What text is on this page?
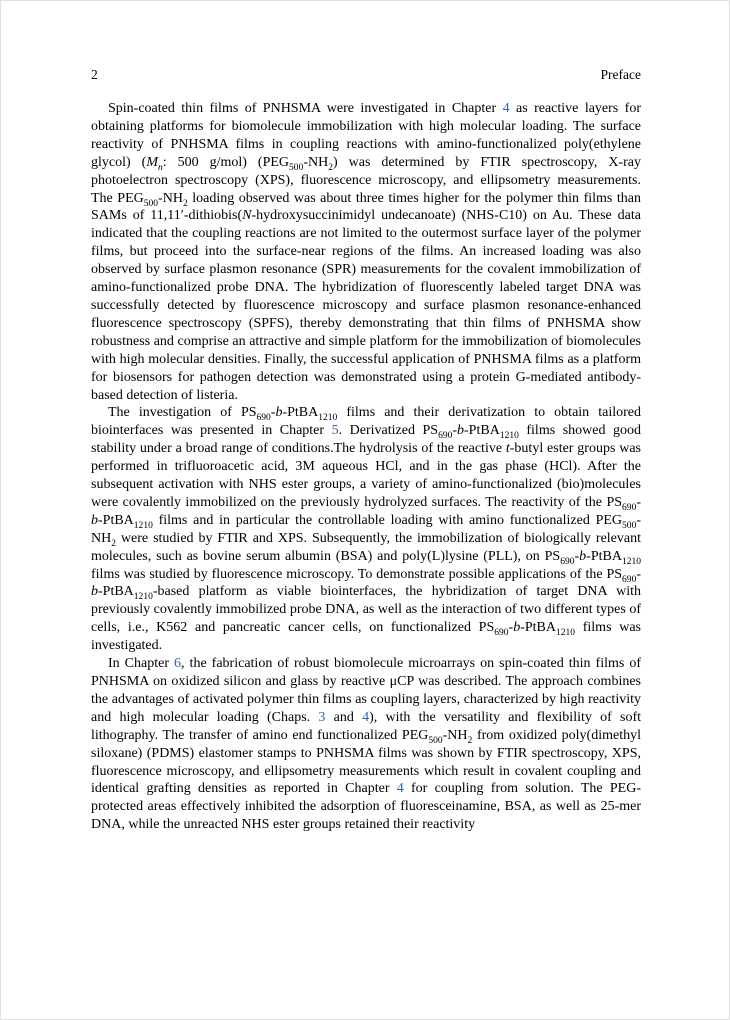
2	Preface

Spin-coated thin films of PNHSMA were investigated in Chapter 4 as reactive layers for obtaining platforms for biomolecule immobilization with high molecular loading. The surface reactivity of PNHSMA films in coupling reactions with amino-functionalized poly(ethylene glycol) ($M_n$: 500 g/mol) $(PEG_{500}-NH_2)$ was determined by FTIR spectroscopy, X-ray photoelectron spectroscopy (XPS), fluorescence microscopy, and ellipsometry measurements. The $PEG_{500}-NH_2$ loading observed was about three times higher for the polymer thin films than SAMs of 11,11′-dithiobis(N-hydroxysuccinimidyl undecanoate) (NHS-C10) on Au. These data indicated that the coupling reactions are not limited to the outermost surface layer of the polymer films, but proceed into the surface-near regions of the films. An increased loading was also observed by surface plasmon resonance (SPR) measurements for the covalent immobilization of amino-functionalized probe DNA. The hybridization of fluorescently labeled target DNA was successfully detected by fluorescence microscopy and surface plasmon resonance-enhanced fluorescence spectroscopy (SPFS), thereby demonstrating that thin films of PNHSMA show robustness and comprise an attractive and simple platform for the immobilization of biomolecules with high molecular densities. Finally, the successful application of PNHSMA films as a platform for biosensors for pathogen detection was demonstrated using a protein G-mediated antibody-based detection of listeria.

The investigation of $PS_{690}-b-PtBA_{1210}$ films and their derivatization to obtain tailored biointerfaces was presented in Chapter 5. Derivatized $PS_{690}-b-PtBA_{1210}$ films showed good stability under a broad range of conditions.The hydrolysis of the reactive t-butyl ester groups was performed in trifluoroacetic acid, 3M aqueous HCl, and in the gas phase (HCl). After the subsequent activation with NHS ester groups, a variety of amino-functionalized (bio)molecules were covalently immobilized on the previously hydrolyzed surfaces. The reactivity of the $PS_{690}-b-PtBA_{1210}$ films and in particular the controllable loading with amino functionalized $PEG_{500}-NH_2$ were studied by FTIR and XPS. Subsequently, the immobilization of biologically relevant molecules, such as bovine serum albumin (BSA) and poly(L)lysine (PLL), on $PS_{690}-b-PtBA_{1210}$ films was studied by fluorescence microscopy. To demonstrate possible applications of the $PS_{690}-b-PtBA_{1210}$-based platform as viable biointerfaces, the hybridization of target DNA with previously covalently immobilized probe DNA, as well as the interaction of two different types of cells, i.e., K562 and pancreatic cancer cells, on functionalized $PS_{690}-b-PtBA_{1210}$ films was investigated.

In Chapter 6, the fabrication of robust biomolecule microarrays on spin-coated thin films of PNHSMA on oxidized silicon and glass by reactive μCP was described. The approach combines the advantages of activated polymer thin films as coupling layers, characterized by high reactivity and high molecular loading (Chaps. 3 and 4), with the versatility and flexibility of soft lithography. The transfer of amino end functionalized $PEG_{500}-NH_2$ from oxidized poly(dimethyl siloxane) (PDMS) elastomer stamps to PNHSMA films was shown by FTIR spectroscopy, XPS, fluorescence microscopy, and ellipsometry measurements which result in covalent coupling and identical grafting densities as reported in Chapter 4 for coupling from solution. The PEG-protected areas effectively inhibited the adsorption of fluoresceinamine, BSA, as well as 25-mer DNA, while the unreacted NHS ester groups retained their reactivity
